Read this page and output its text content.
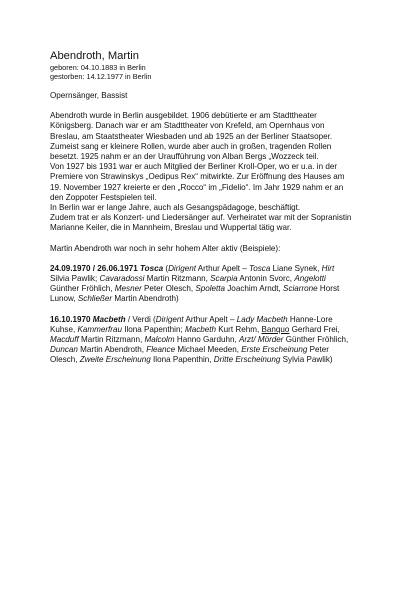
Abendroth, Martin
geboren: 04.10.1883 in Berlin
gestorben: 14.12.1977 in Berlin
Opernsänger, Bassist
Abendroth wurde in Berlin ausgebildet. 1906 debütierte er am Stadttheater
Königsberg. Danach war er am Stadttheater von Krefeld, am Opernhaus von
Breslau, am Staatstheater Wiesbaden und ab 1925 an der Berliner Staatsoper.
Zumeist sang er kleinere Rollen, wurde aber auch in großen, tragenden Rollen
besetzt. 1925 nahm er an der Uraufführung von Alban Bergs „Wozzeck teil.
Von 1927 bis 1931 war er auch Mitglied der Berliner Kroll-Oper, wo er u.a. in der
Premiere von Strawinskys „Oedipus Rex“ mitwirkte. Zur Eröffnung des Hauses am
19. November 1927 kreierte er den „Rocco“ im „Fidelio“. Im Jahr 1929 nahm er an
den Zoppoter Festspielen teil.
In Berlin war er lange Jahre, auch als Gesangspädagoge, beschäftigt.
Zudem trat er als Konzert- und Liedersänger auf. Verheiratet war mit der Sopranistin
Marianne Keiler, die in Mannheim, Breslau und Wuppertal tätig war.
Martin Abendroth war noch in sehr hohem Alter aktiv (Beispiele):
24.09.1970 / 26.06.1971 Tosca (Dirigent Arthur Apelt – Tosca Liane Synek, Hirt
Silvia Pawlik; Cavaradossi Martin Ritzmann, Scarpia Antonin Svorc, Angelotti
Günther Fröhlich, Mesner Peter Olesch, Spoletta Joachim Arndt, Sciarrone Horst
Lunow, Schließer Martin Abendroth)
16.10.1970 Macbeth / Verdi (Dirigent Arthur Apelt – Lady Macbeth Hanne-Lore
Kuhse, Kammerfrau Ilona Papenthin; Macbeth Kurt Rehm, Banquo Gerhard Frei,
Macduff Martin Ritzmann, Malcolm Hanno Garduhn, Arzt/ Mörder Günther Fröhlich,
Duncan Martin Abendroth, Fleance Michael Meeden, Erste Erscheinung Peter
Olesch, Zweite Erscheinung Ilona Papenthin, Dritte Erscheinung Sylvia Pawlik)
